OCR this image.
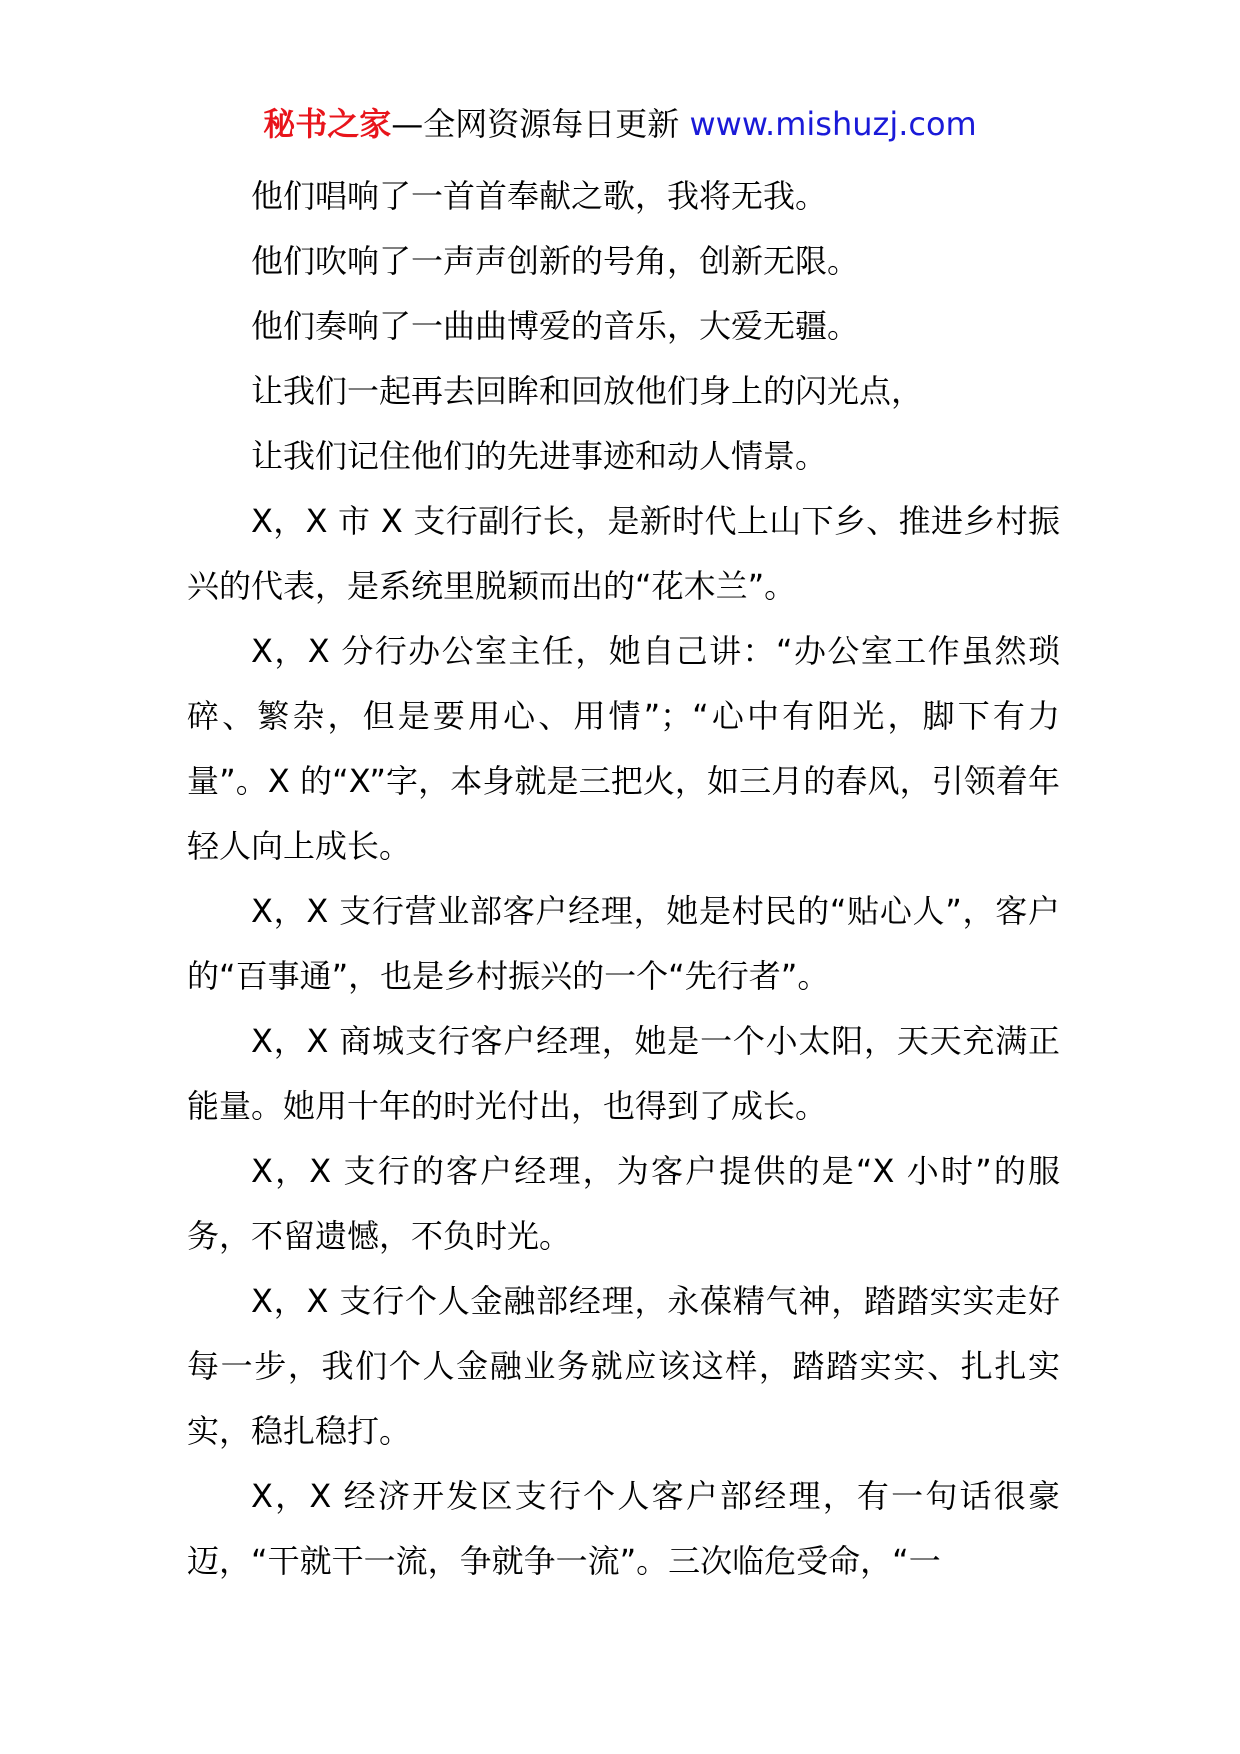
秘书之家—全网资源每日更新 www.mishuzj.com

他们唱响了一首首奉献之歌，我将无我。

他们吹响了一声声创新的号角，创新无限。

他们奏响了一曲曲博爱的音乐，大爱无疆。

让我们一起再去回眸和回放他们身上的闪光点，

让我们记住他们的先进事迹和动人情景。

X，X 市 X 支行副行长，是新时代上山下乡、推进乡村振兴的代表，是系统里脱颖而出的“花木兰”。

X，X 分行办公室主任，她自己讲：“办公室工作虽然琐碎、繁杂，但是要用心、用情”；“心中有阳光，脚下有力量”。X 的“X”字，本身就是三把火，如三月的春风，引领着年轻人向上成长。

X，X 支行营业部客户经理，她是村民的“贴心人”，客户的“百事通”，也是乡村振兴的一个“先行者”。

X，X 商城支行客户经理，她是一个小太阳，天天充满正能量。她用十年的时光付出，也得到了成长。

X，X 支行的客户经理，为客户提供的是“X 小时”的服务，不留遗憾，不负时光。

X，X 支行个人金融部经理，永葆精气神，踏踏实实走好每一步，我们个人金融业务就应该这样，踏踏实实、扎扎实实，稳扎稳打。

X，X 经济开发区支行个人客户部经理，有一句话很豪迈，“干就干一流，争就争一流”。三次临危受命，“一
